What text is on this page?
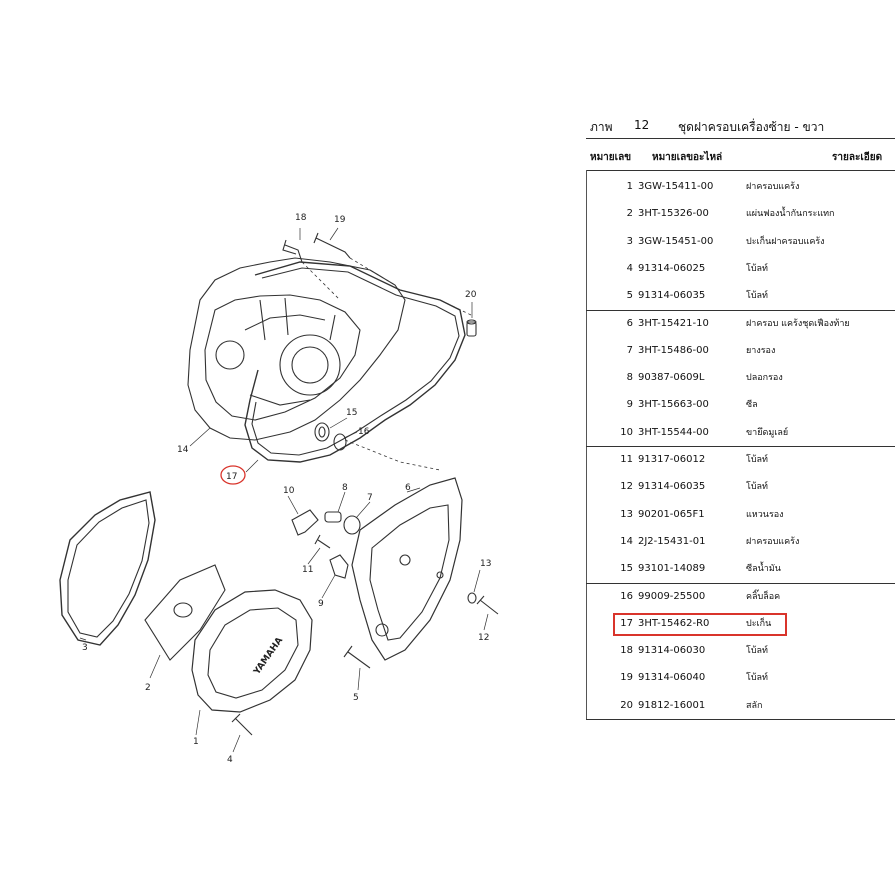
YAMAHA
18	19
20
15
16
14
17
10	8
7
6
11
9
13
12
5
1
4
2
3
ภาพ 12 ชุดฝาครอบเครื่องซ้าย - ขวา
หมายเลข หมายเลขอะไหล่	รายละเอียด
1 3GW-15411-00	ฝาครอบแคร้ง
2 3HT-15326-00	แผ่นฟองน้ำกันกระแทก
3 3GW-15451-00	ปะเก็นฝาครอบแคร้ง
4 91314-06025	โบ้ลท์
5 91314-06035	โบ้ลท์
6 3HT-15421-10	ฝาครอบ แคร้งชุดเฟืองท้าย
7 3HT-15486-00	ยางรอง
8 90387-0609L	ปลอกรอง
9 3HT-15663-00	ซีล
10 3HT-15544-00	ขายึดมูเลย์
11 91317-06012	โบ้ลท์
12 91314-06035	โบ้ลท์
13 90201-065F1	แหวนรอง
14 2J2-15431-01	ฝาครอบแคร้ง
15 93101-14089	ซีลน้ำมัน
16 99009-25500	คลิ๊บล็อค
17 3HT-15462-R0	ปะเก็น
18 91314-06030	โบ้ลท์
19 91314-06040	โบ้ลท์
20 91812-16001	สลัก
